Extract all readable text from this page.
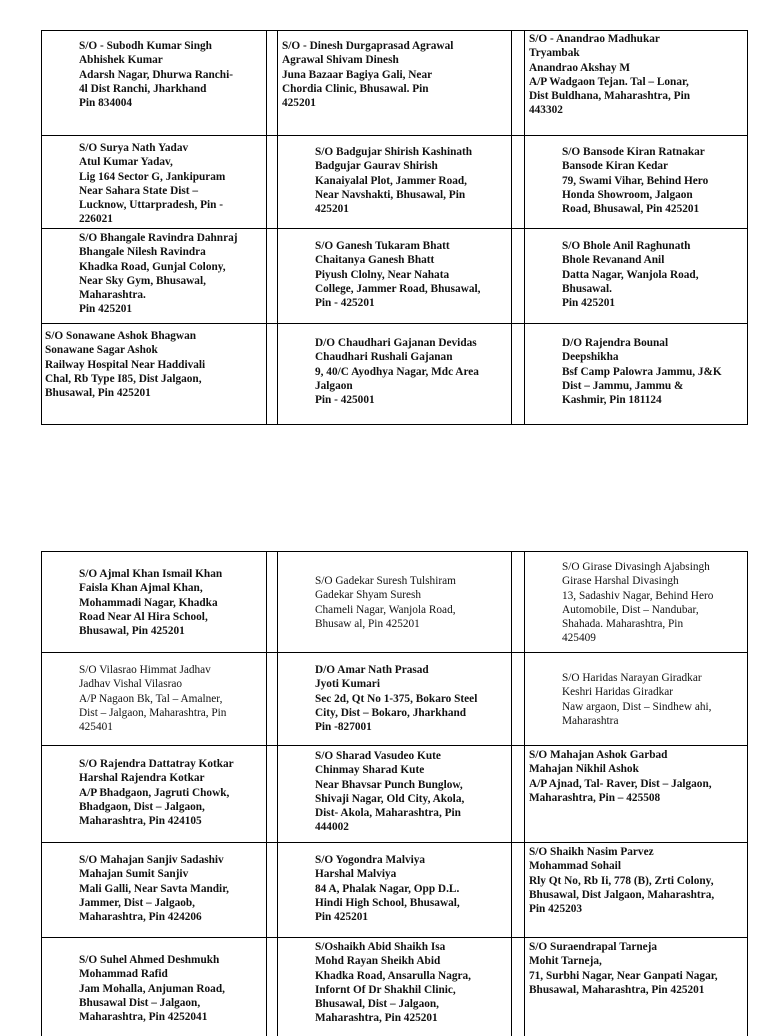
S/O - Subodh Kumar Singh
Abhishek Kumar
Adarsh Nagar, Dhurwa Ranchi-
4l Dist Ranchi, Jharkhand
Pin 834004
S/O - Dinesh Durgaprasad Agrawal
Agrawal Shivam Dinesh
Juna Bazaar Bagiya Gali, Near
Chordia Clinic, Bhusawal. Pin
425201
S/O - Anandrao Madhukar
Tryambak
Anandrao Akshay M
A/P Wadgaon Tejan. Tal – Lonar,
Dist Buldhana, Maharashtra, Pin
443302
S/O Surya Nath Yadav
Atul Kumar Yadav,
Lig 164 Sector G, Jankipuram
Near Sahara State Dist –
Lucknow, Uttarpradesh, Pin -
226021
S/O Badgujar Shirish Kashinath
Badgujar Gaurav Shirish
Kanaiyalal Plot, Jammer Road,
Near Navshakti, Bhusawal, Pin
425201
S/O Bansode Kiran Ratnakar
Bansode Kiran Kedar
79, Swami Vihar, Behind Hero
Honda Showroom, Jalgaon
Road, Bhusawal, Pin 425201
S/O Bhangale Ravindra Dahnraj
Bhangale Nilesh Ravindra
Khadka Road, Gunjal Colony,
Near Sky Gym, Bhusawal,
Maharashtra.
Pin 425201
S/O Ganesh Tukaram Bhatt
Chaitanya Ganesh Bhatt
Piyush Clolny, Near Nahata
College, Jammer Road, Bhusawal,
Pin - 425201
S/O Bhole Anil Raghunath
Bhole Revanand Anil
Datta Nagar, Wanjola Road,
Bhusawal.
Pin 425201
S/O Sonawane Ashok Bhagwan
Sonawane Sagar Ashok
Railway Hospital Near Haddivali
Chal, Rb Type I85, Dist Jalgaon,
Bhusawal, Pin 425201
D/O Chaudhari Gajanan Devidas
Chaudhari Rushali Gajanan
9, 40/C Ayodhya Nagar, Mdc Area
Jalgaon
Pin - 425001
D/O Rajendra Bounal
Deepshikha
Bsf Camp Palowra Jammu, J&K
Dist – Jammu, Jammu &
Kashmir, Pin 181124
S/O Ajmal Khan Ismail Khan
Faisla Khan Ajmal Khan,
Mohammadi Nagar, Khadka
Road Near Al Hira School,
Bhusawal, Pin 425201
S/O Gadekar Suresh Tulshiram
Gadekar Shyam Suresh
Chameli Nagar, Wanjola Road,
Bhusaw al, Pin 425201
S/O Girase Divasingh Ajabsingh
Girase Harshal Divasingh
13, Sadashiv Nagar, Behind Hero
Automobile, Dist – Nandubar,
Shahada. Maharashtra, Pin
425409
S/O Vilasrao Himmat Jadhav
Jadhav Vishal Vilasrao
A/P Nagaon Bk, Tal – Amalner,
Dist – Jalgaon, Maharashtra, Pin
425401
D/O Amar Nath Prasad
Jyoti Kumari
Sec 2d, Qt No 1-375, Bokaro Steel
City, Dist – Bokaro, Jharkhand
Pin -827001
S/O Haridas Narayan Giradkar
Keshri Haridas Giradkar
Naw argaon, Dist – Sindhew ahi,
Maharashtra
S/O Rajendra Dattatray Kotkar
Harshal Rajendra Kotkar
A/P Bhadgaon, Jagruti Chowk,
Bhadgaon, Dist – Jalgaon,
Maharashtra, Pin 424105
S/O Sharad Vasudeo Kute
Chinmay Sharad Kute
Near Bhavsar Punch Bunglow,
Shivaji Nagar, Old City, Akola,
Dist- Akola, Maharashtra, Pin
444002
S/O Mahajan Ashok Garbad
Mahajan Nikhil Ashok
A/P Ajnad, Tal- Raver, Dist – Jalgaon,
Maharashtra, Pin – 425508
S/O Mahajan Sanjiv Sadashiv
Mahajan Sumit Sanjiv
Mali Galli, Near Savta Mandir,
Jammer, Dist – Jalgaob,
Maharashtra, Pin 424206
S/O Yogondra Malviya
Harshal Malviya
84 A, Phalak Nagar, Opp D.L.
Hindi High School, Bhusawal,
Pin 425201
S/O Shaikh Nasim Parvez
Mohammad Sohail
Rly Qt No, Rb Ii, 778 (B), Zrti Colony,
Bhusawal, Dist Jalgaon, Maharashtra,
Pin 425203
S/O Suhel Ahmed Deshmukh
Mohammad Rafid
Jam Mohalla, Anjuman Road,
Bhusawal Dist – Jalgaon,
Maharashtra, Pin 4252041
S/Oshaikh Abid Shaikh Isa
Mohd Rayan Sheikh Abid
Khadka Road, Ansarulla Nagra,
Infornt Of Dr Shakhil Clinic,
Bhusawal, Dist – Jalgaon,
Maharashtra, Pin 425201
S/O Suraendrapal Tarneja
Mohit Tarneja,
71, Surbhi Nagar, Near Ganpati Nagar,
Bhusawal, Maharashtra, Pin 425201
